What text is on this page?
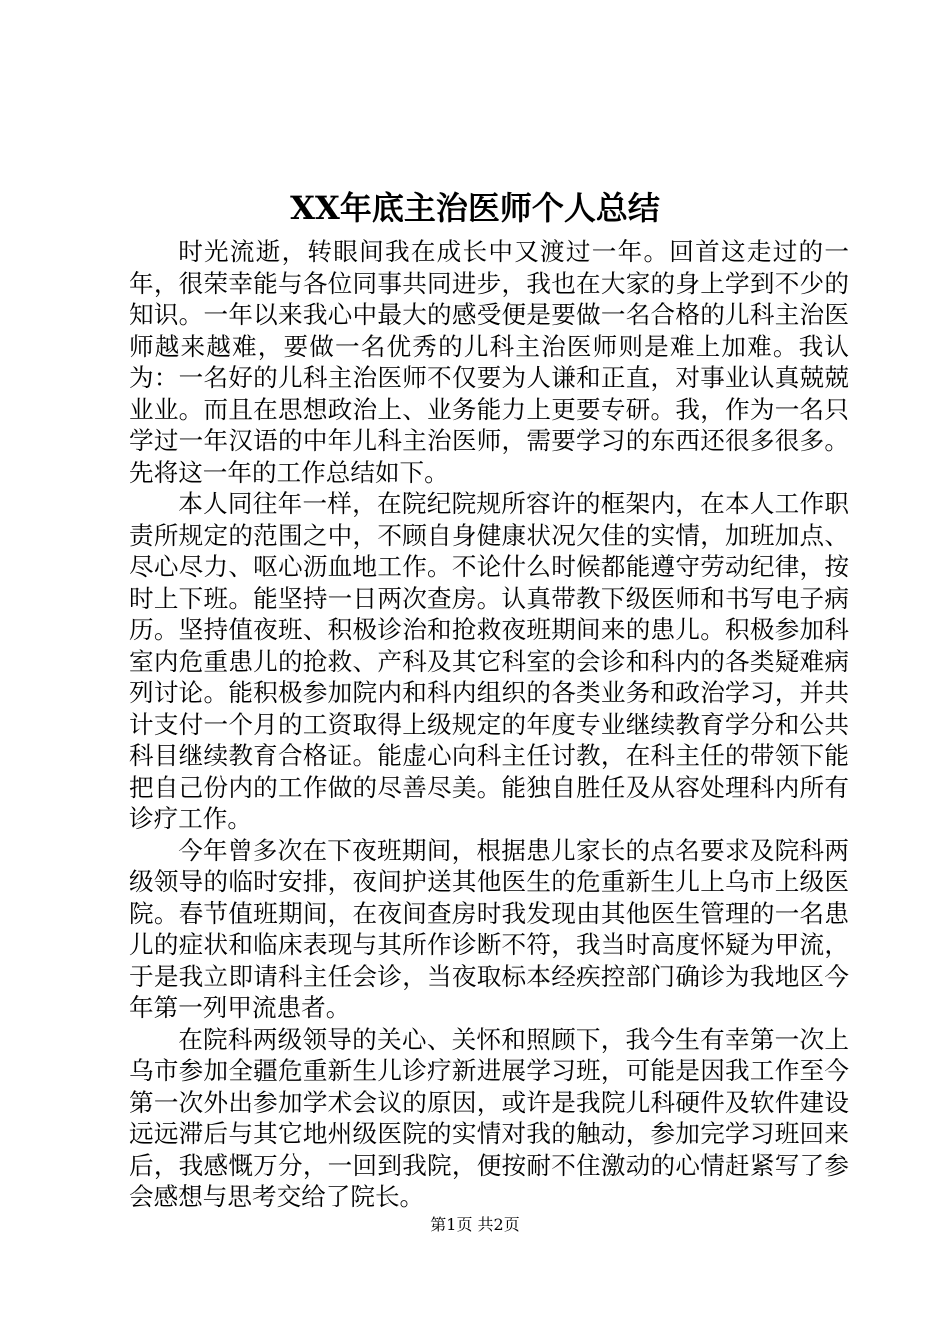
XX年底主治医师个人总结

时光流逝，转眼间我在成长中又渡过一年。回首这走过的一年，很荣幸能与各位同事共同进步，我也在大家的身上学到不少的知识。一年以来我心中最大的感受便是要做一名合格的儿科主治医师越来越难，要做一名优秀的儿科主治医师则是难上加难。我认为：一名好的儿科主治医师不仅要为人谦和正直，对事业认真兢兢业业。而且在思想政治上、业务能力上更要专研。我，作为一名只学过一年汉语的中年儿科主治医师，需要学习的东西还很多很多。先将这一年的工作总结如下。

本人同往年一样，在院纪院规所容许的框架内，在本人工作职责所规定的范围之中，不顾自身健康状况欠佳的实情，加班加点、尽心尽力、呕心沥血地工作。不论什么时候都能遵守劳动纪律，按时上下班。能坚持一日两次查房。认真带教下级医师和书写电子病历。坚持值夜班、积极诊治和抢救夜班期间来的患儿。积极参加科室内危重患儿的抢救、产科及其它科室的会诊和科内的各类疑难病列讨论。能积极参加院内和科内组织的各类业务和政治学习，并共计支付一个月的工资取得上级规定的年度专业继续教育学分和公共科目继续教育合格证。能虚心向科主任讨教，在科主任的带领下能把自己份内的工作做的尽善尽美。能独自胜任及从容处理科内所有诊疗工作。

今年曾多次在下夜班期间，根据患儿家长的点名要求及院科两级领导的临时安排，夜间护送其他医生的危重新生儿上乌市上级医院。春节值班期间，在夜间查房时我发现由其他医生管理的一名患儿的症状和临床表现与其所作诊断不符，我当时高度怀疑为甲流，于是我立即请科主任会诊，当夜取标本经疾控部门确诊为我地区今年第一列甲流患者。

在院科两级领导的关心、关怀和照顾下，我今生有幸第一次上乌市参加全疆危重新生儿诊疗新进展学习班，可能是因我工作至今第一次外出参加学术会议的原因，或许是我院儿科硬件及软件建设远远滞后与其它地州级医院的实情对我的触动，参加完学习班回来后，我感慨万分，一回到我院，便按耐不住激动的心情赶紧写了参会感想与思考交给了院长。

第1页 共2页
